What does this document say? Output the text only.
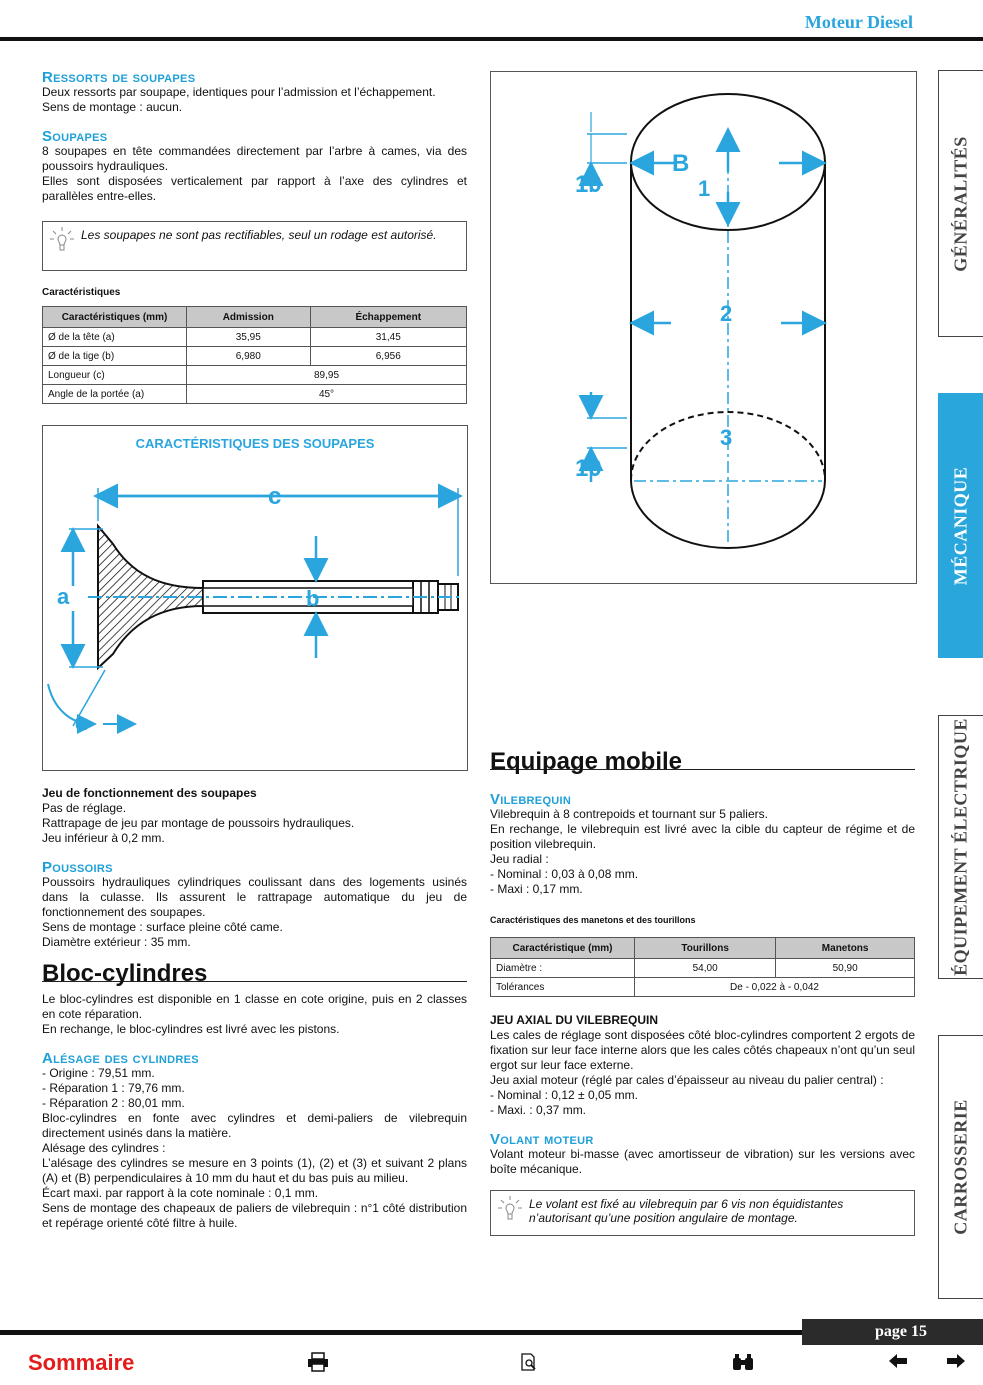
Moteur Diesel
GÉNÉRALITÉS
MÉCANIQUE
ÉQUIPEMENT ÉLECTRIQUE
CARROSSERIE

Ressorts de soupapes

Deux ressorts par soupape, identiques pour l’admission et l’échappement.

Sens de montage : aucun.

Soupapes

8 soupapes en tête commandées directement par l’arbre à cames, via des poussoirs hydrauliques.

Elles sont disposées verticalement par rapport à l’axe des cylindres et parallèles entre-elles.

Les soupapes ne sont pas rectifiables, seul un rodage est autorisé.

Caractéristiques

Caractéristiques (mm)	Admission	Échappement
Ø de la tête (a)	35,95	31,45
Ø de la tige (b)	6,980	6,956
Longueur (c)	89,95	
Angle de la portée (a)	45°	
CARACTÉRISTIQUES DES SOUPAPES
c
a	b
α

Jeu de fonctionnement des soupapes

Pas de réglage.

Rattrapage de jeu par montage de poussoirs hydrauliques.

Jeu inférieur à 0,2 mm.

Poussoirs

Poussoirs hydrauliques cylindriques coulissant dans des logements usinés dans la culasse. Ils assurent le rattrapage automatique du jeu de fonctionnement des soupapes.

Sens de montage : surface pleine côté came.

Diamètre extérieur : 35 mm.

Bloc-cylindres

Le bloc-cylindres est disponible en 1 classe en cote origine, puis en 2 classes en cote réparation.

En rechange, le bloc-cylindres est livré avec les pistons.

Alésage des cylindres

- Origine : 79,51 mm.

- Réparation 1 : 79,76 mm.

- Réparation 2 : 80,01 mm.

Bloc-cylindres en fonte avec cylindres et demi-paliers de vilebrequin directement usinés dans la matière.

Alésage des cylindres :

L’alésage des cylindres se mesure en 3 points (1), (2) et (3) et suivant 2 plans (A) et (B) perpendiculaires à 10 mm du haut et du bas puis au milieu.

Écart maxi. par rapport à la cote nominale : 0,1 mm.

Sens de montage des chapeaux de paliers de vilebrequin : n°1 côté distribution et repérage orienté côté filtre à huile.

A
B
1
2
3
10
10

Equipage mobile

Vilebrequin

Vilebrequin à 8 contrepoids et tournant sur 5 paliers.

En rechange, le vilebrequin est livré avec la cible du capteur de régime et de position vilebrequin.

Jeu radial :

- Nominal : 0,03 à 0,08 mm.

- Maxi : 0,17 mm.

Caractéristiques des manetons et des tourillons

Caractéristique (mm)	Tourillons	Manetons
Diamètre :	54,00	50,90
Tolérances	De - 0,022 à - 0,042	

JEU AXIAL DU VILEBREQUIN

Les cales de réglage sont disposées côté bloc-cylindres comportent 2 ergots de fixation sur leur face interne alors que les cales côtés chapeaux n’ont qu’un seul ergot sur leur face externe.

Jeu axial moteur (réglé par cales d’épaisseur au niveau du palier central) :

- Nominal : 0,12 ± 0,05 mm.

- Maxi. : 0,37 mm.

Volant moteur

Volant moteur bi-masse (avec amortisseur de vibration) sur les versions avec boîte mécanique.

Le volant est fixé au vilebrequin par 6 vis non équidistantes n’autorisant qu’une position angulaire de montage.
page 15
Sommaire
